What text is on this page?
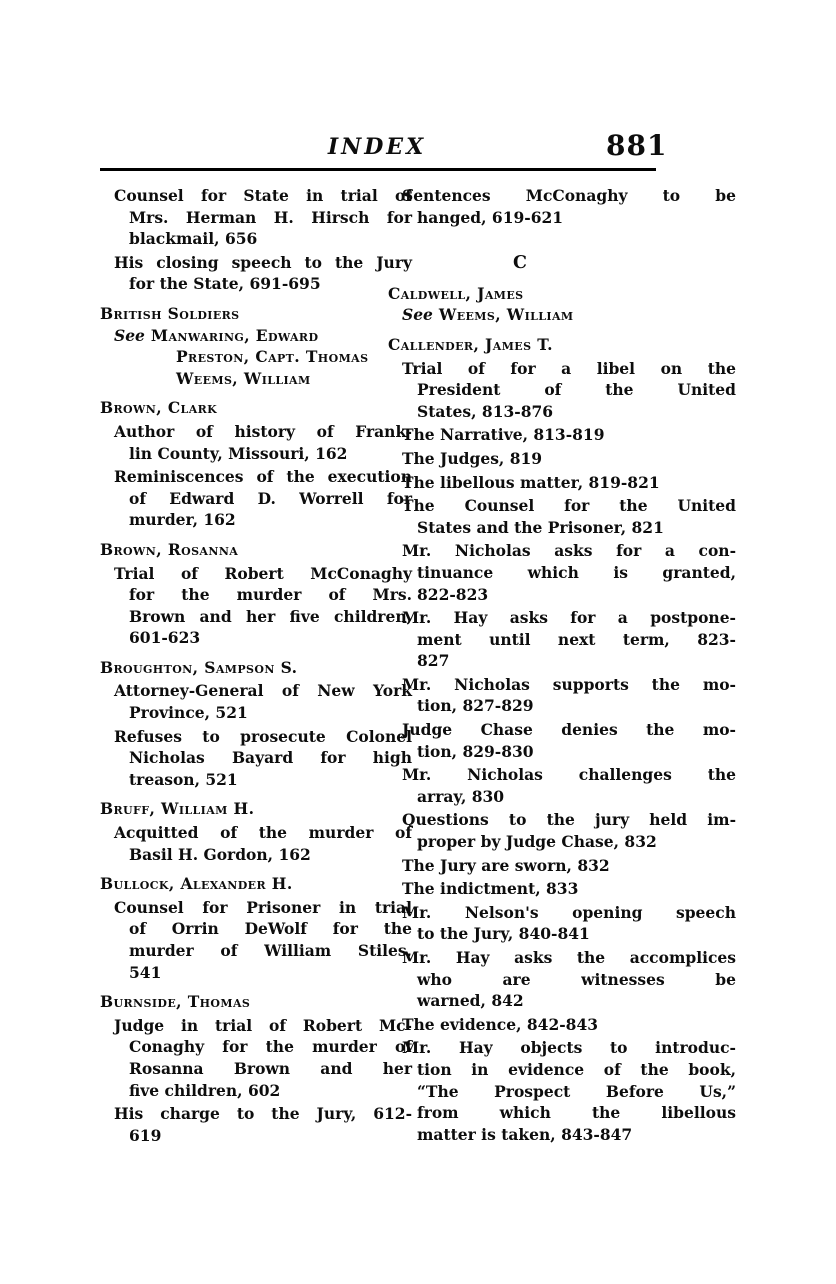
INDEX	881
Counsel for State in trial of
Mrs. Herman H. Hirsch for
blackmail, 656
His closing speech to the Jury
for the State, 691-695
British Soldiers
See Manwaring, Edward
Preston, Capt. Thomas
Weems, William
Brown, Clark
Author of history of Frank-
lin County, Missouri, 162
Reminiscences of the execution
of Edward D. Worrell for
murder, 162
Brown, Rosanna
Trial of Robert McConaghy
for the murder of Mrs.
Brown and her five children,
601-623
Broughton, Sampson S.
Attorney-General of New York
Province, 521
Refuses to prosecute Colonel
Nicholas Bayard for high
treason, 521
Bruff, William H.
Acquitted of the murder of
Basil H. Gordon, 162
Bullock, Alexander H.
Counsel for Prisoner in trial
of Orrin DeWolf for the
murder of William Stiles,
541
Burnside, Thomas
Judge in trial of Robert Mc-
Conaghy for the murder of
Rosanna Brown and her
five children, 602
His charge to the Jury, 612-
619
Sentences McConaghy to be
hanged, 619-621
C
Caldwell, James
See Weems, William
Callender, James T.
Trial of for a libel on the
President of the United
States, 813-876
The Narrative, 813-819
The Judges, 819
The libellous matter, 819-821
The Counsel for the United
States and the Prisoner, 821
Mr. Nicholas asks for a con-
tinuance which is granted,
822-823
Mr. Hay asks for a postpone-
ment until next term, 823-
827
Mr. Nicholas supports the mo-
tion, 827-829
Judge Chase denies the mo-
tion, 829-830
Mr. Nicholas challenges the
array, 830
Questions to the jury held im-
proper by Judge Chase, 832
The Jury are sworn, 832
The indictment, 833
Mr. Nelson's opening speech
to the Jury, 840-841
Mr. Hay asks the accomplices
who are witnesses be
warned, 842
The evidence, 842-843
Mr. Hay objects to introduc-
tion in evidence of the book,
“The Prospect Before Us,”
from which the libellous
matter is taken, 843-847
